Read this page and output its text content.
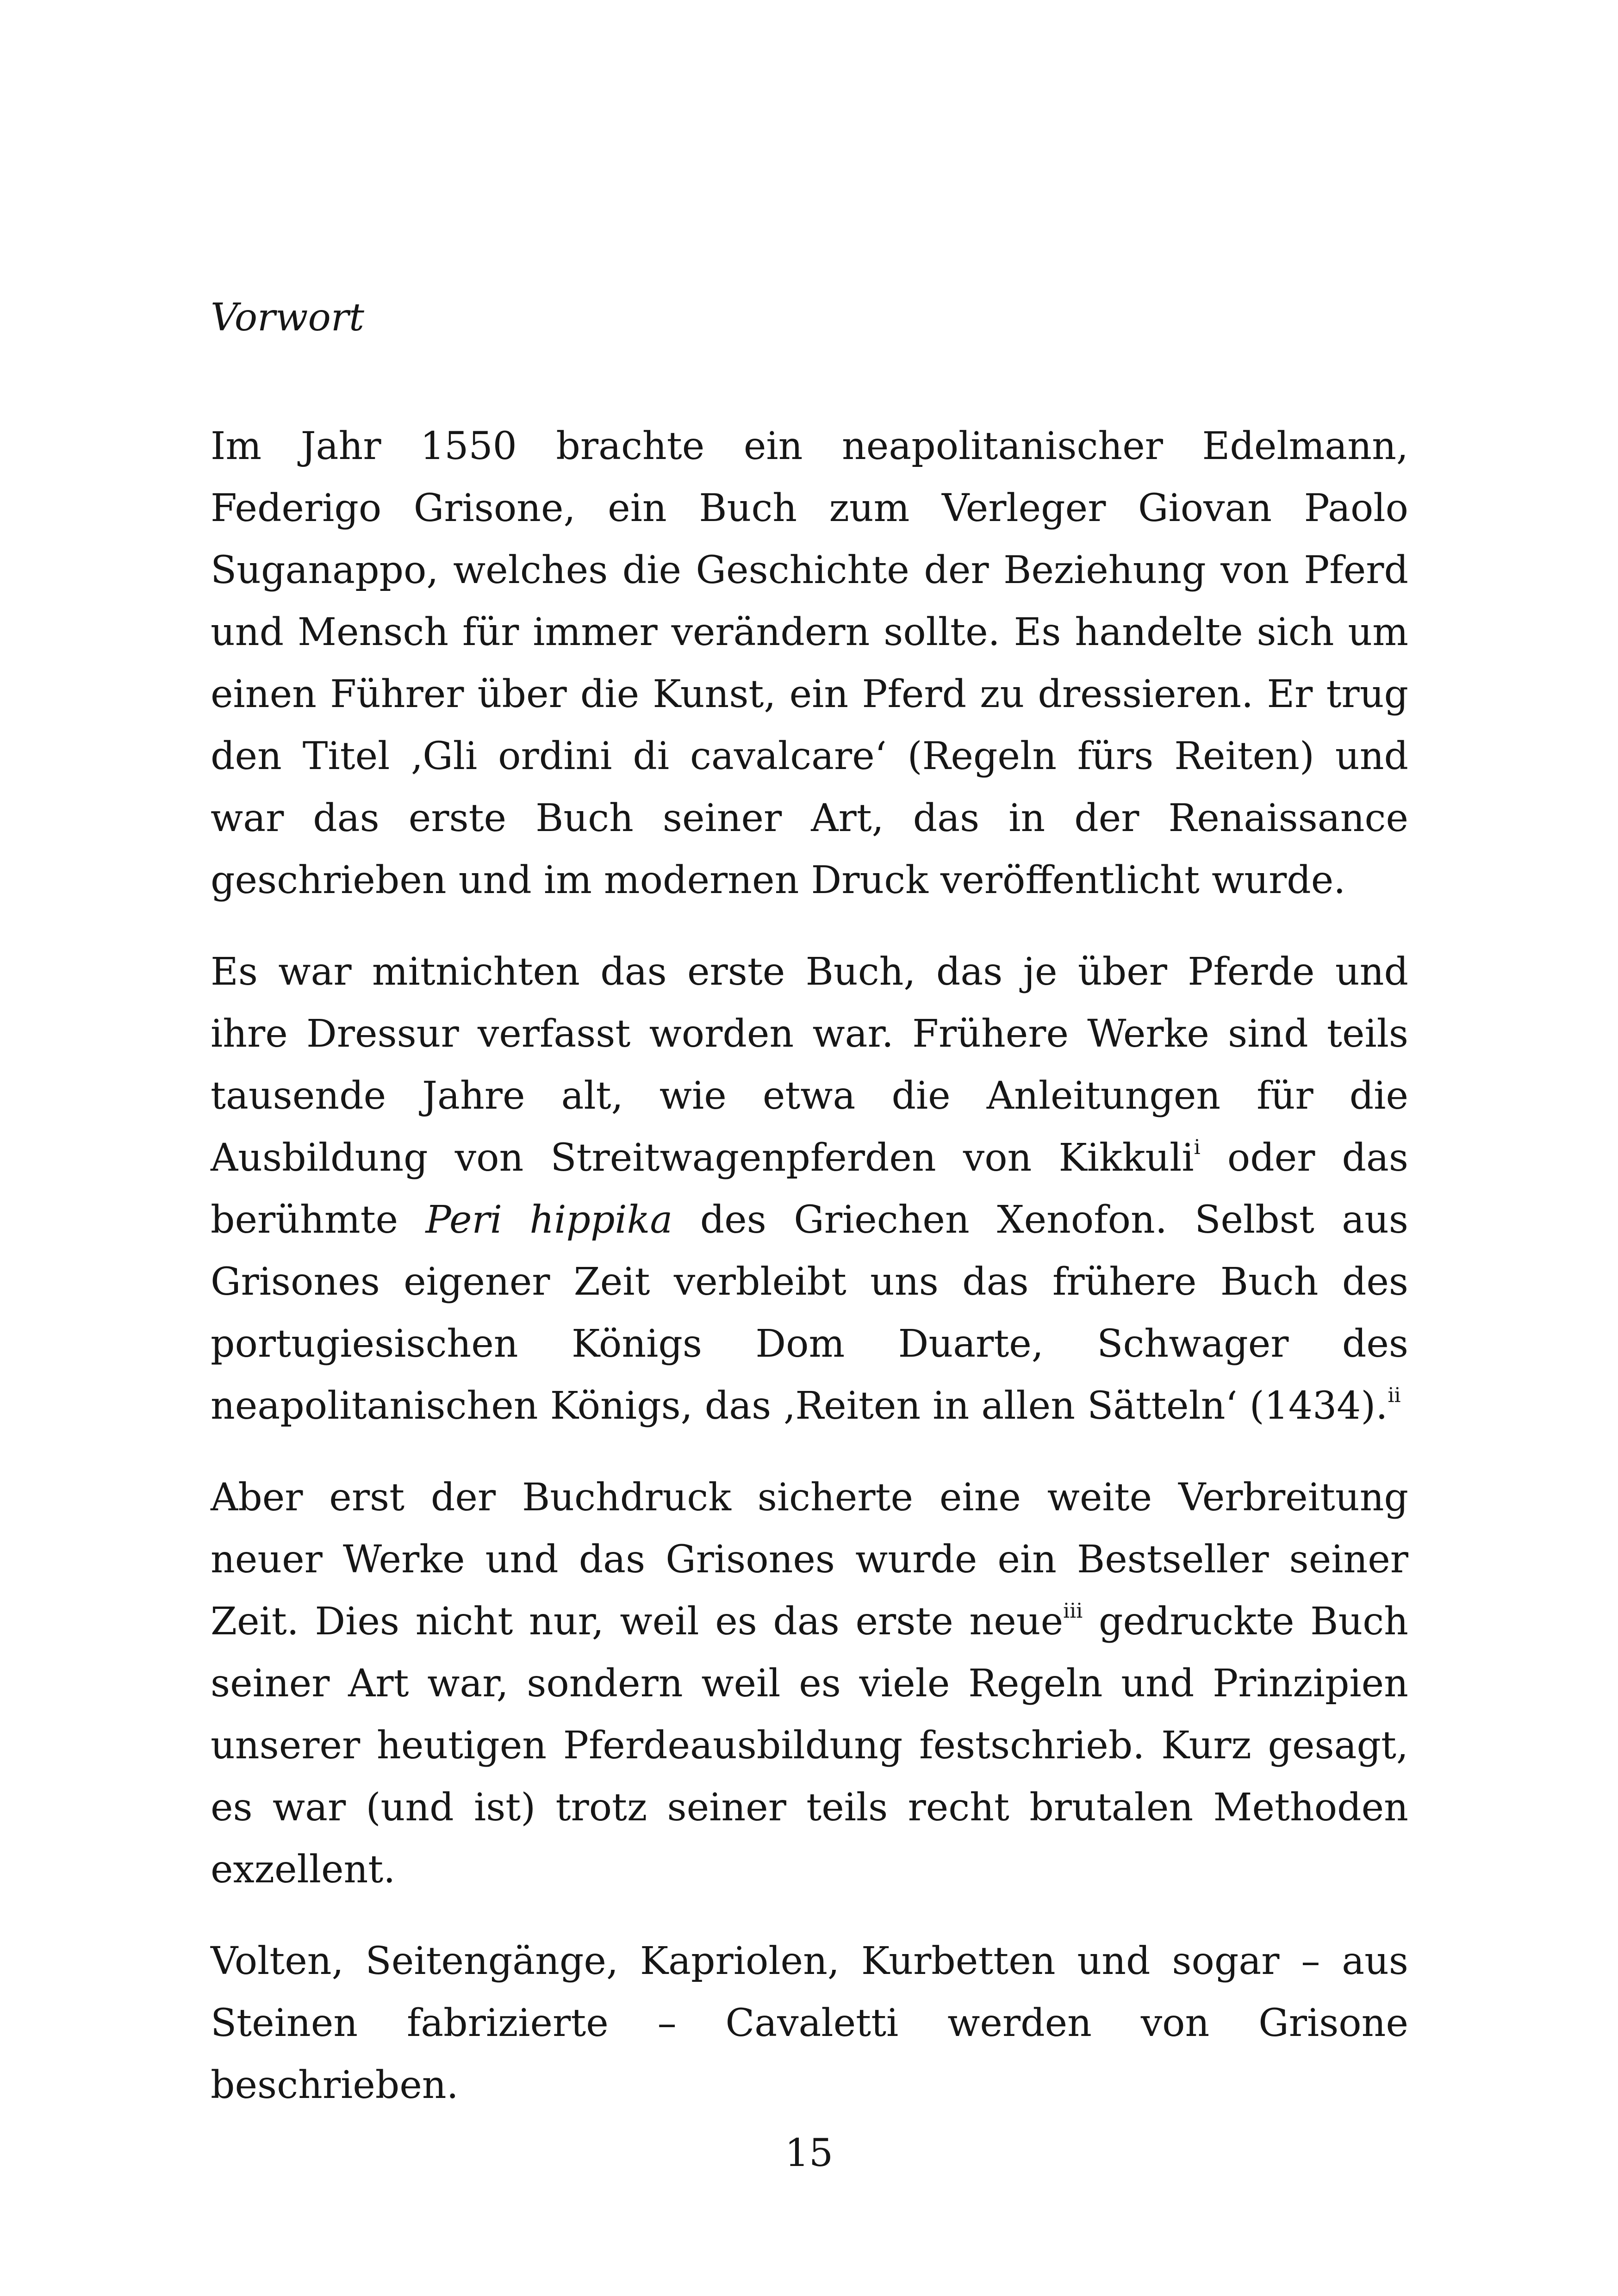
Vorwort

Im Jahr 1550 brachte ein neapolitanischer Edelmann, Federigo Grisone, ein Buch zum Verleger Giovan Paolo Suganappo, welches die Geschichte der Beziehung von Pferd und Mensch für immer verändern sollte. Es handelte sich um einen Führer über die Kunst, ein Pferd zu dressieren. Er trug den Titel ‚Gli ordini di cavalcare‘ (Regeln fürs Reiten) und war das erste Buch seiner Art, das in der Renaissance geschrieben und im modernen Druck veröffentlicht wurde.

Es war mitnichten das erste Buch, das je über Pferde und ihre Dressur verfasst worden war. Frühere Werke sind teils tausende Jahre alt, wie etwa die Anleitungen für die Ausbildung von Streitwagenpferden von Kikkuli$^i$ oder das berühmte Peri hippika des Griechen Xenofon. Selbst aus Grisones eigener Zeit verbleibt uns das frühere Buch des portugiesischen Königs Dom Duarte, Schwager des neapolitanischen Königs, das ‚Reiten in allen Sätteln‘ (1434).$^{ii}$

Aber erst der Buchdruck sicherte eine weite Verbreitung neuer Werke und das Grisones wurde ein Bestseller seiner Zeit. Dies nicht nur, weil es das erste neue$^{iii}$ gedruckte Buch seiner Art war, sondern weil es viele Regeln und Prinzipien unserer heutigen Pferdeausbildung festschrieb. Kurz gesagt, es war (und ist) trotz seiner teils recht brutalen Methoden exzellent.

Volten, Seitengänge, Kapriolen, Kurbetten und sogar – aus Steinen fabrizierte – Cavaletti werden von Grisone beschrieben.

15
